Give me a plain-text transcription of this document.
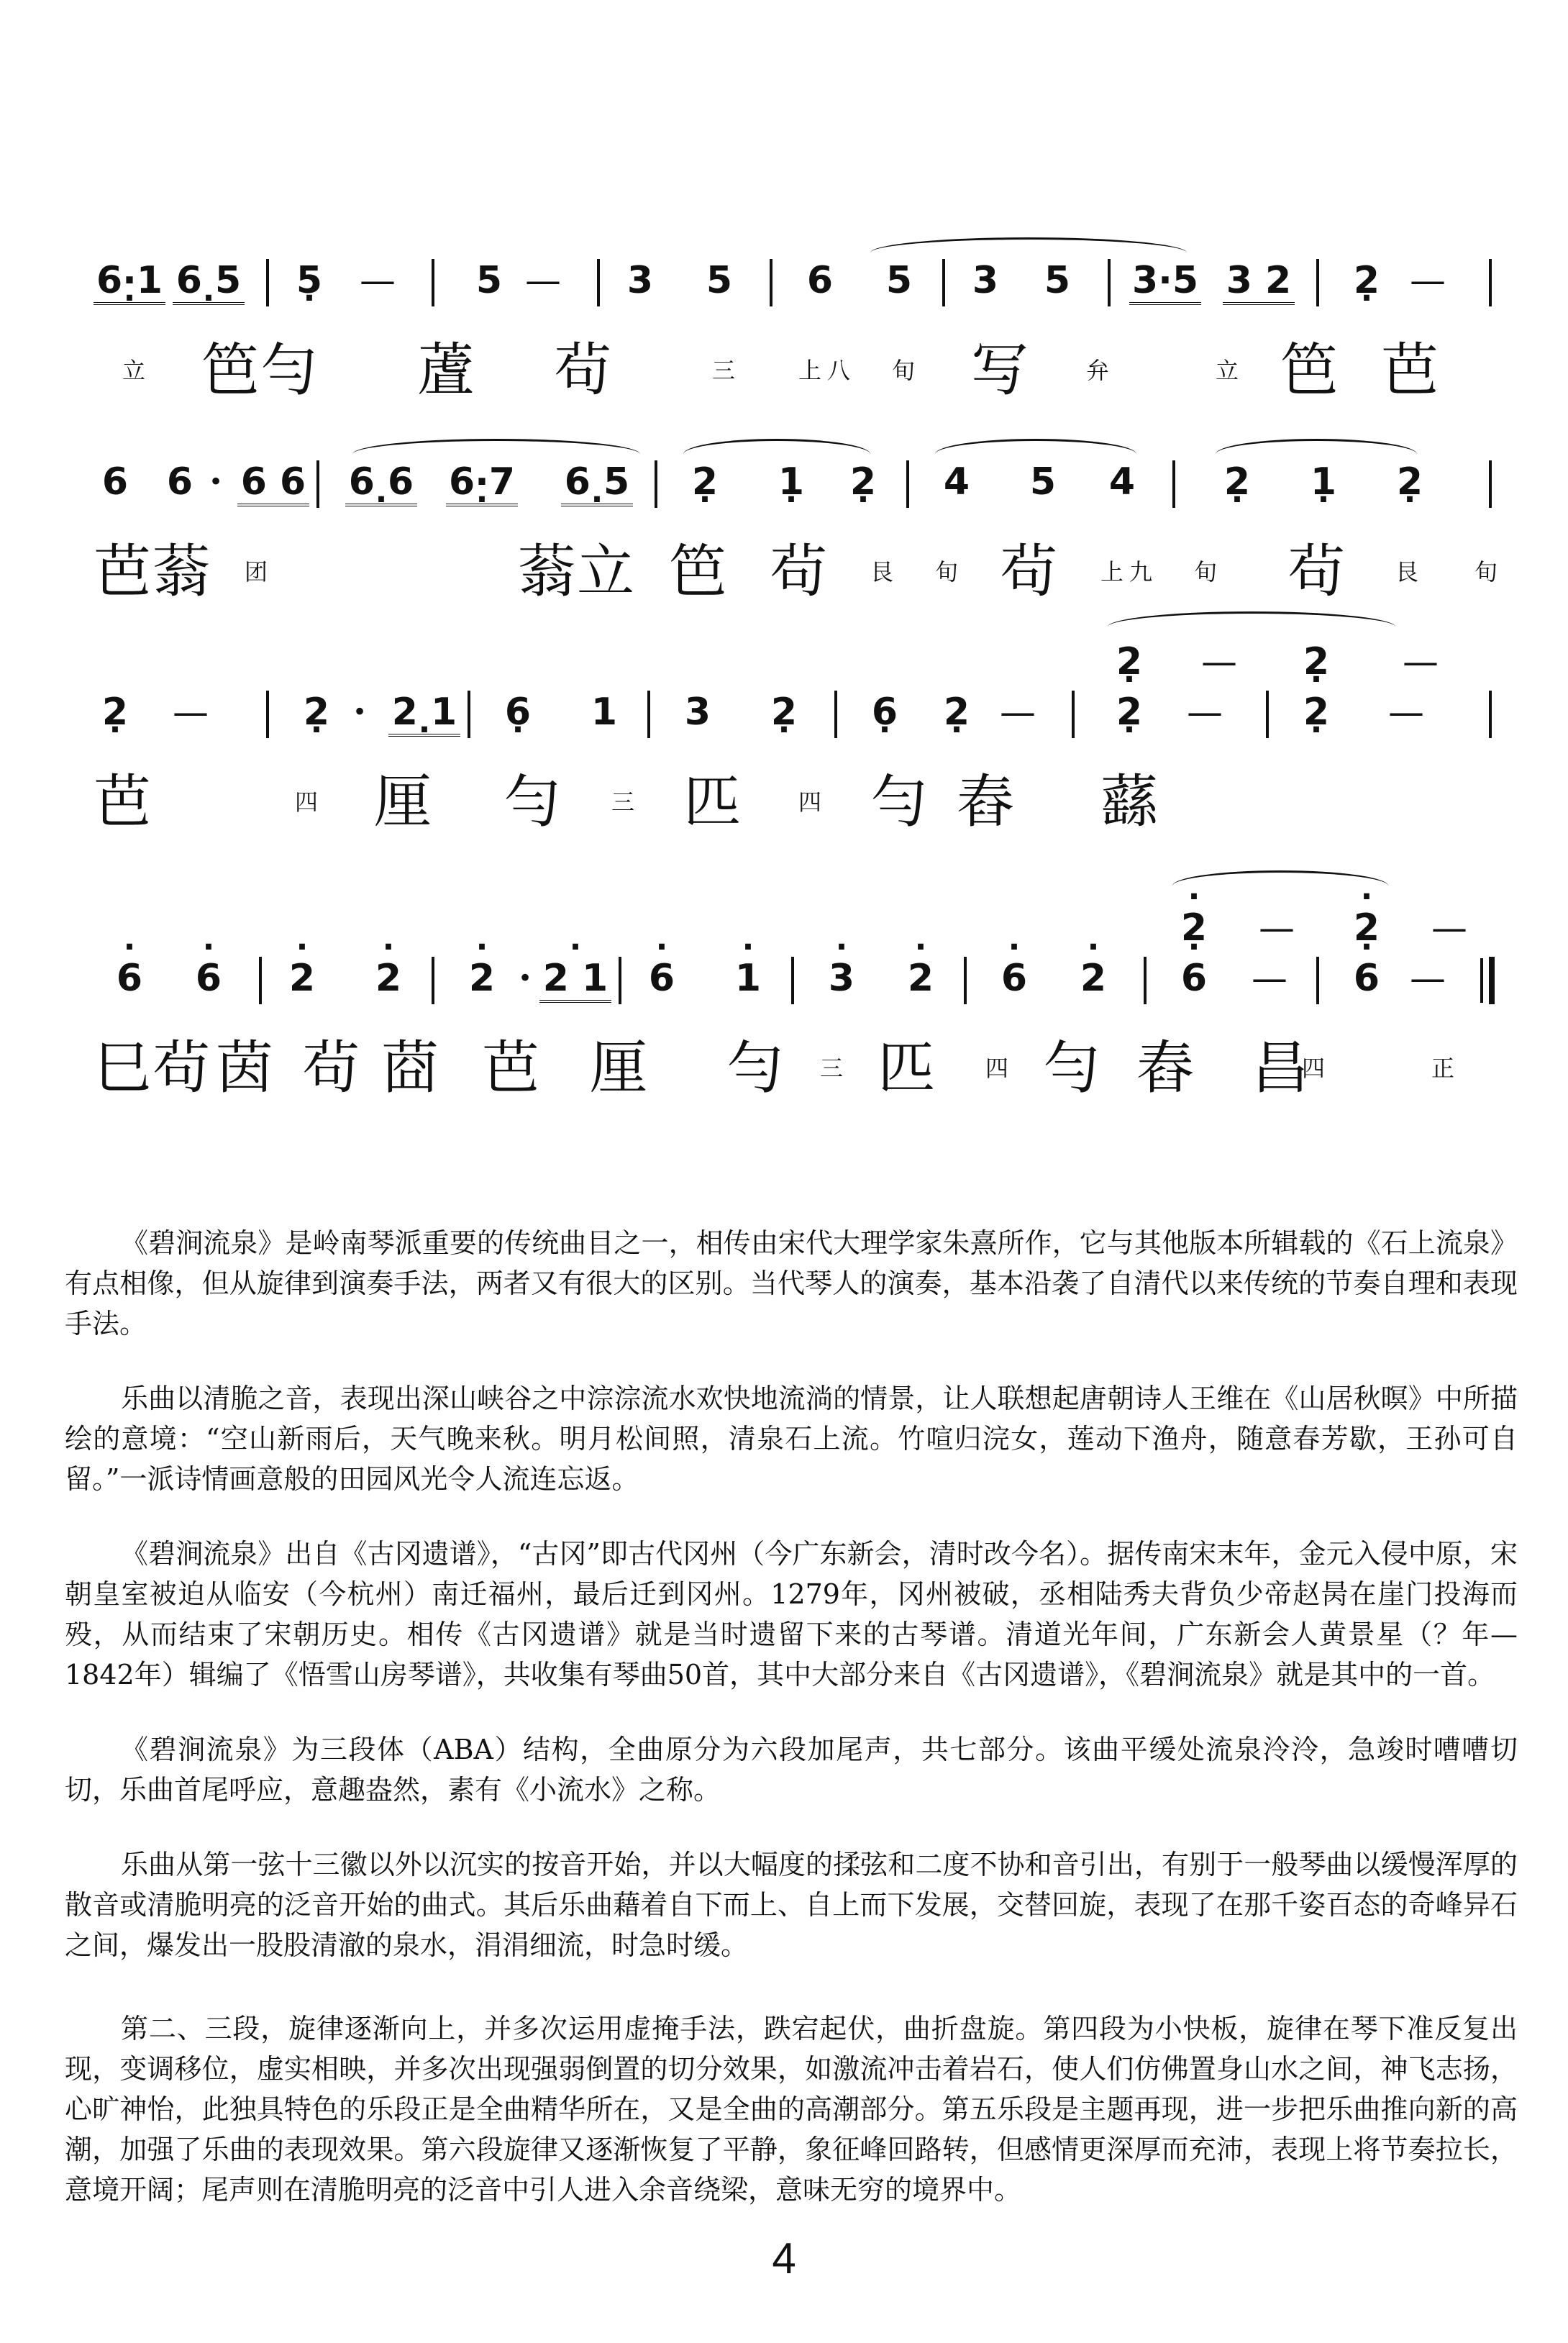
6·1 · 6 5 · 5 · — 5 — 3 5 6 5 3 5 3·5 3 2 2 · —
立 笆勻 蔖 茍	三 上八 旬 写 弁	立 笆 芭
6 6 · 6 6 6 6 · 6·7 · 6 5 · 2 · 1 · 2 · 4 5 4 2 · 1 · 2 ·
芭蓊 团	蓊立 笆 茍 艮 旬 茍 上九 旬 茍 艮 旬
2 · —	2 · · 2 1 · 6 · 1 3 2 · 6 · 2 · — 2 · — 2 · —
2 · — 2 · —
芭	四 厘 勻 三 匹 四 勻 舂 蘨
· 6 · 6 · 2 · 2 · 2 · · 2 1 · 6 · 1 · 3 · 2 · 6 · 2 · 6 — · 6 —
· 2 — · 2 —
巳茍 茵 茍 莔 芭 厘 勻 三 匹 四 勻 舂 昌
四	正

《碧涧流泉》是岭南琴派重要的传统曲目之一，相传由宋代大理学家朱熹所作，它与其他版本所辑载的《石上流泉》有点相像，但从旋律到演奏手法，两者又有很大的区别。当代琴人的演奏，基本沿袭了自清代以来传统的节奏自理和表现手法。

乐曲以清脆之音，表现出深山峡谷之中淙淙流水欢快地流淌的情景，让人联想起唐朝诗人王维在《山居秋暝》中所描绘的意境：“空山新雨后，天气晚来秋。明月松间照，清泉石上流。竹喧归浣女，莲动下渔舟，随意春芳歇，王孙可自留。”一派诗情画意般的田园风光令人流连忘返。

《碧涧流泉》出自《古冈遗谱》，“古冈”即古代冈州（今广东新会，清时改今名）。据传南宋末年，金元入侵中原，宋朝皇室被迫从临安（今杭州）南迁福州，最后迁到冈州。1279年，冈州被破，丞相陆秀夫背负少帝赵昺在崖门投海而殁，从而结束了宋朝历史。相传《古冈遗谱》就是当时遗留下来的古琴谱。清道光年间，广东新会人黄景星（？年—1842年）辑编了《悟雪山房琴谱》，共收集有琴曲50首，其中大部分来自《古冈遗谱》，《碧涧流泉》就是其中的一首。

《碧涧流泉》为三段体（ABA）结构，全曲原分为六段加尾声，共七部分。该曲平缓处流泉泠泠，急竣时嘈嘈切切，乐曲首尾呼应，意趣盎然，素有《小流水》之称。

乐曲从第一弦十三徽以外以沉实的按音开始，并以大幅度的揉弦和二度不协和音引出，有别于一般琴曲以缓慢浑厚的散音或清脆明亮的泛音开始的曲式。其后乐曲藉着自下而上、自上而下发展，交替回旋，表现了在那千姿百态的奇峰异石之间，爆发出一股股清澈的泉水，涓涓细流，时急时缓。

第二、三段，旋律逐渐向上，并多次运用虚掩手法，跌宕起伏，曲折盘旋。第四段为小快板，旋律在琴下准反复出现，变调移位，虚实相映，并多次出现强弱倒置的切分效果，如激流冲击着岩石，使人们仿佛置身山水之间，神飞志扬，心旷神怡，此独具特色的乐段正是全曲精华所在，又是全曲的高潮部分。第五乐段是主题再现，进一步把乐曲推向新的高潮，加强了乐曲的表现效果。第六段旋律又逐渐恢复了平静，象征峰回路转，但感情更深厚而充沛，表现上将节奏拉长，意境开阔；尾声则在清脆明亮的泛音中引人进入余音绕梁，意味无穷的境界中。

4
